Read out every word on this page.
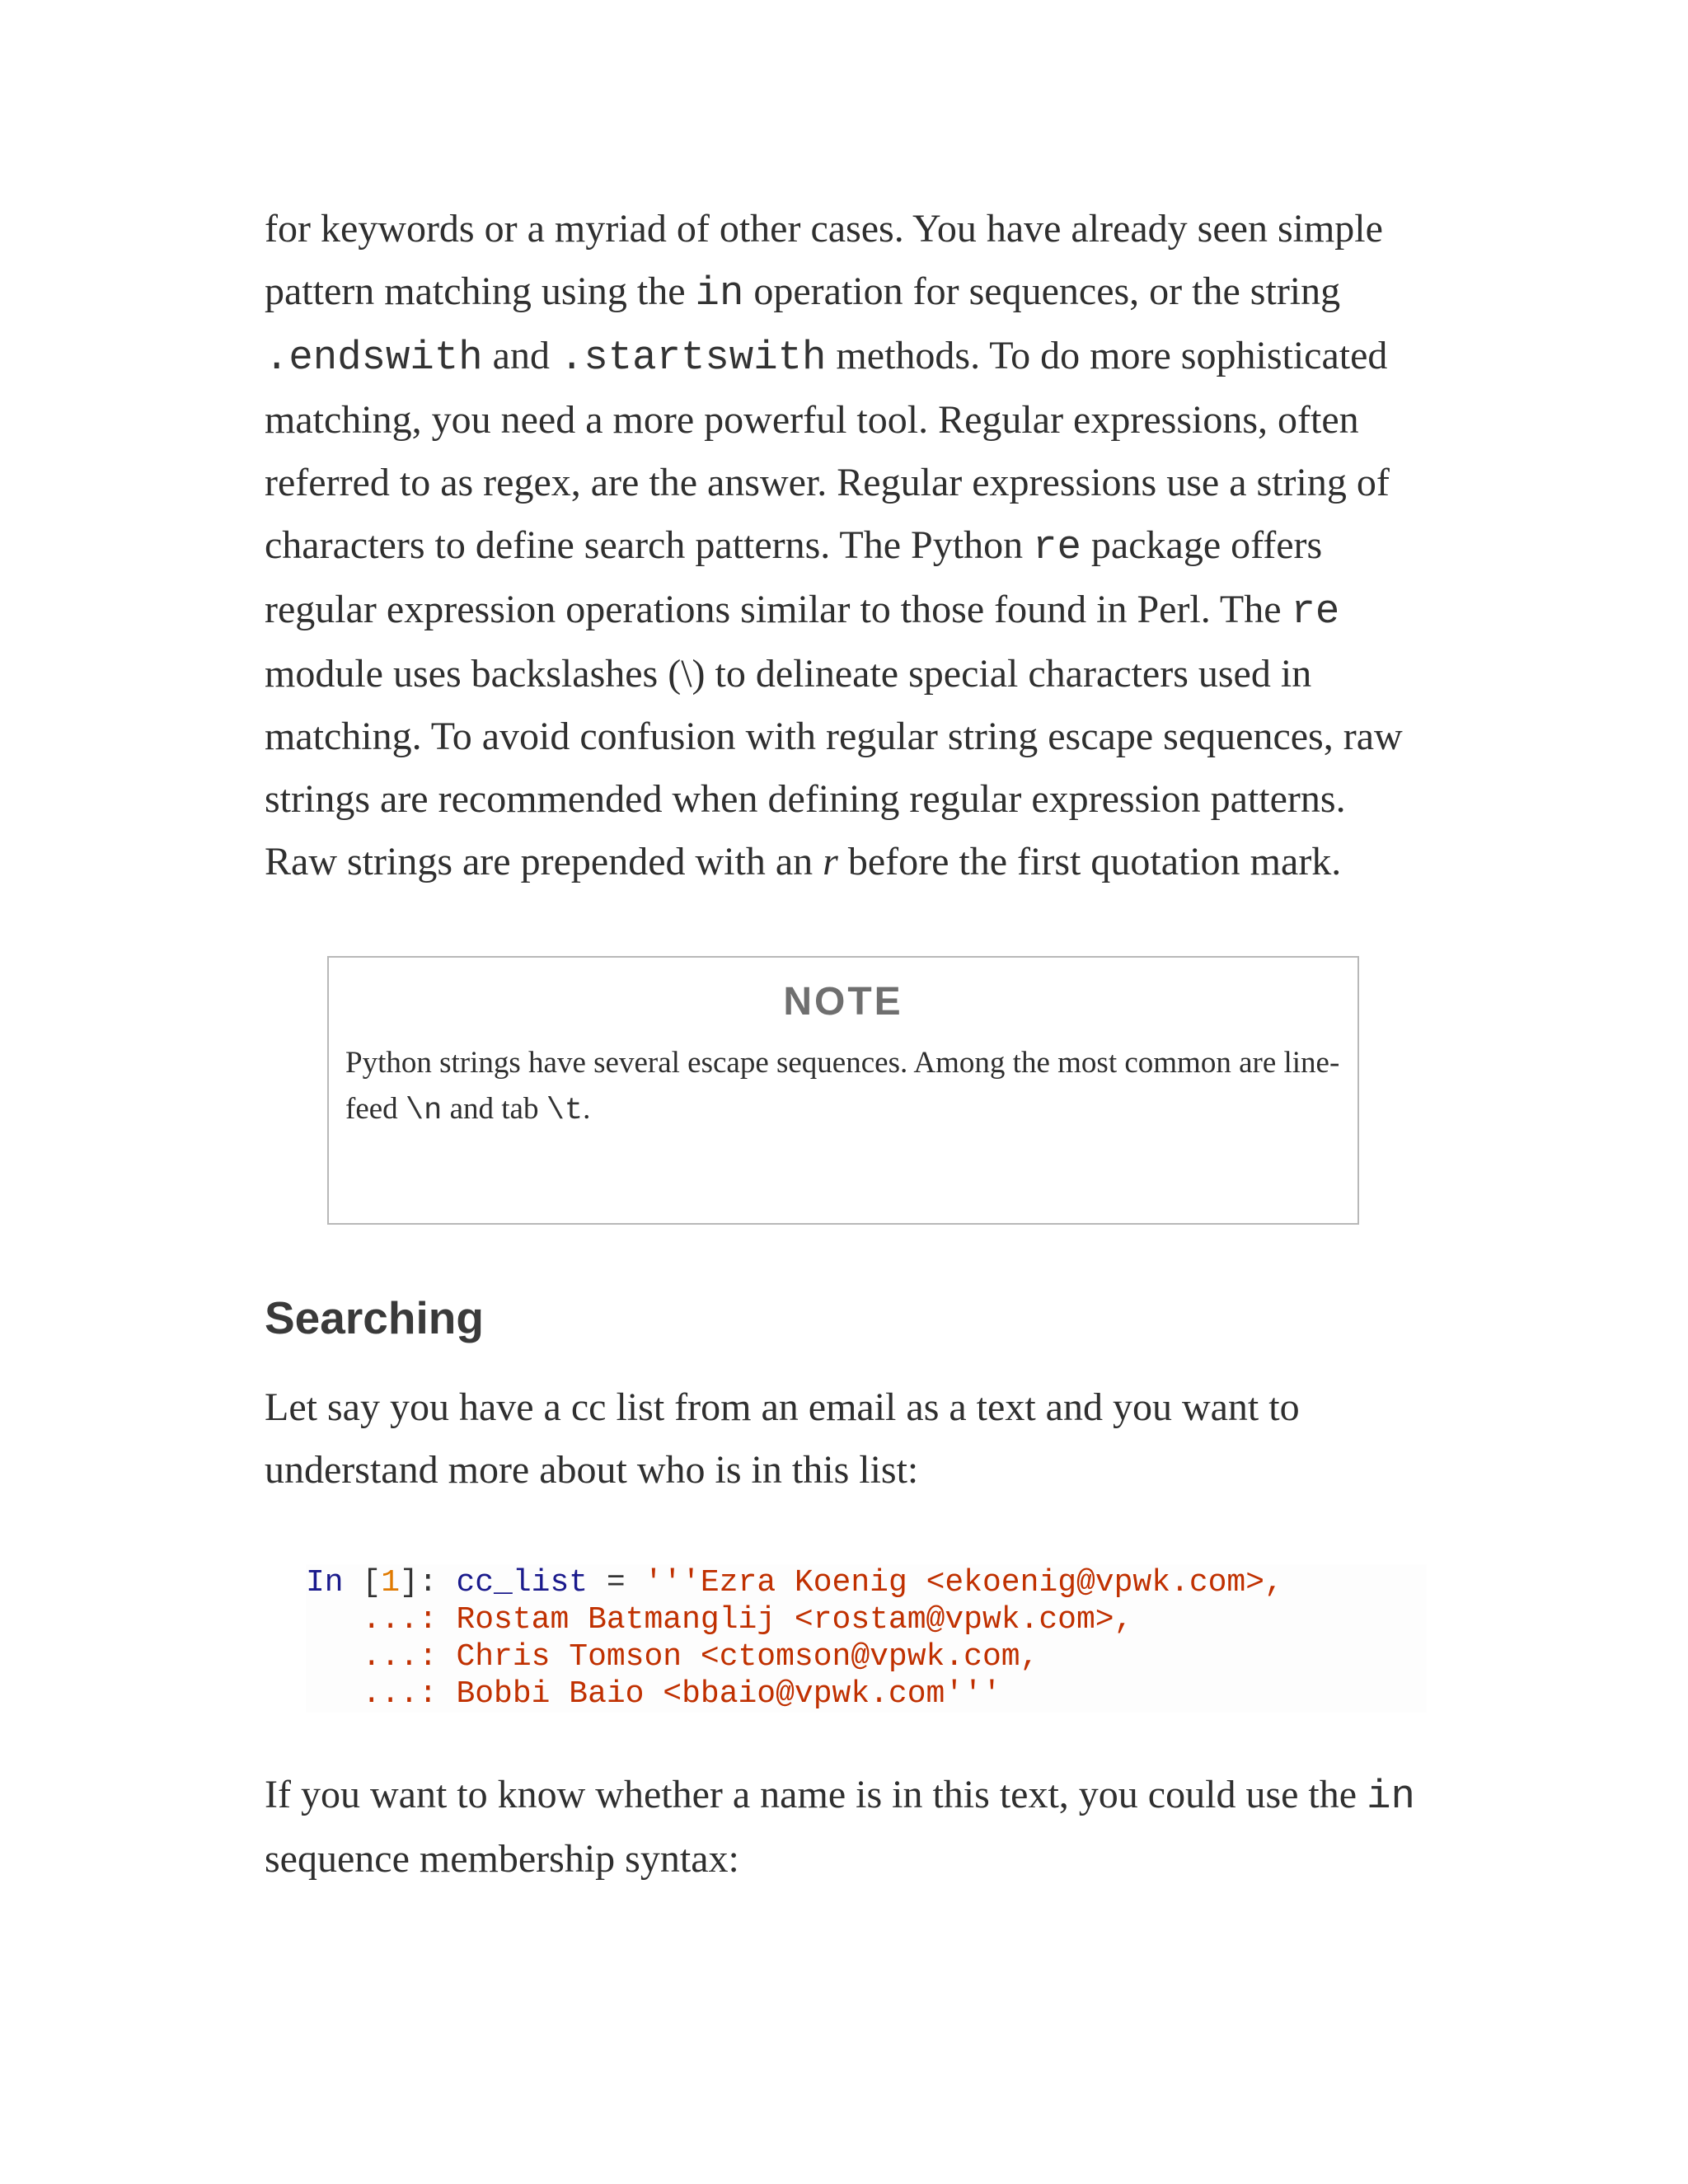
for keywords or a myriad of other cases. You have already seen simple pattern matching using the in operation for sequences, or the string .endswith and .startswith methods. To do more sophisticated matching, you need a more powerful tool. Regular expressions, often referred to as regex, are the answer. Regular expressions use a string of characters to define search patterns. The Python re package offers regular expression operations similar to those found in Perl. The re module uses backslashes (\) to delineate special characters used in matching. To avoid confusion with regular string escape sequences, raw strings are recommended when defining regular expression patterns. Raw strings are prepended with an r before the first quotation mark.

NOTE

Python strings have several escape sequences. Among the most common are line-feed \n and tab \t.

Searching

Let say you have a cc list from an email as a text and you want to understand more about who is in this list:

In [1]: cc_list = '''Ezra Koenig <ekoenig@vpwk.com>,
...: Rostam Batmanglij <rostam@vpwk.com>,
...: Chris Tomson <ctomson@vpwk.com,
...: Bobbi Baio <bbaio@vpwk.com'''

If you want to know whether a name is in this text, you could use the in sequence membership syntax:
